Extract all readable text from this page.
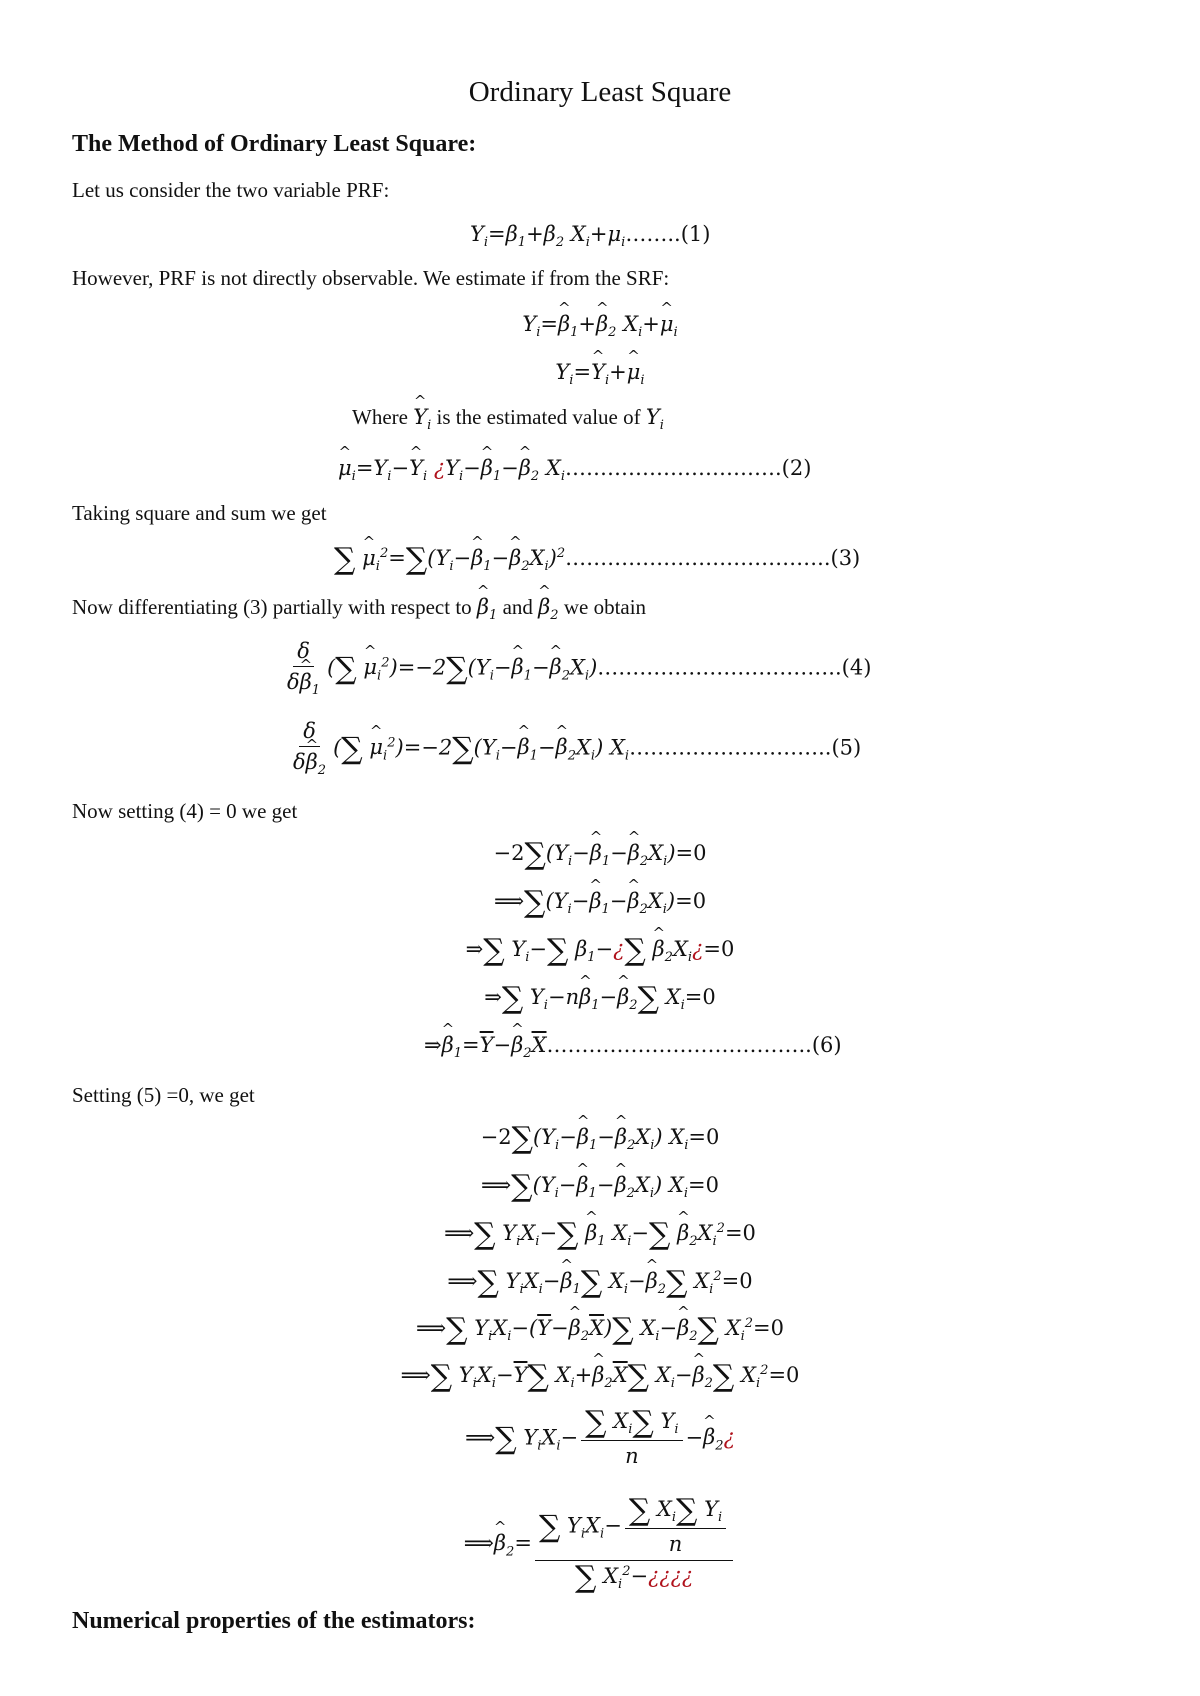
Ordinary Least Square
The Method of Ordinary Least Square:
Let us consider the two variable PRF:
$Y_i=\beta_1+\beta_2$ $X_i+\mu_i\dots\dots..(1)$
However, PRF is not directly observable. We estimate if from the SRF:
$Y_i=\^{}$ $\beta_1+\^{}$ $\beta_2$ $X_i+\^{}$ $\mu_i$
$Y_i=\^{}$ $Y_i+\^{}$ $\mu_i$
Where ^ $Y_i$ is the estimated value of $Y_i$
^ $\mu_i=Y_i-\^{}$ $Y_i$ ¿$Y_i-\^{}$ $\beta_1-\^{}$ $\beta_2$ $X_i\dots\dots\dots\dots\dots\dots\dots\dots\dots\dots.(2)$
Taking square and sum we get
∑ ^ $\mu_i^2=\sum(Y_i-\^{}$ $\beta_1-\^{}$ $\beta_2X_i)^2\dots\dots\dots\dots\dots\dots\dots\dots\dots\dots\dots\dots..(3)$
Now differentiating (3) partially with respect to ^ $\beta_1$ and ^ $\beta_2$ we obtain
$\frac{\delta}{\delta\^{} \beta_1}$ (∑ ^ $\mu_i^2)=-2\sum(Y_i-\^{}$ $\beta_1-\^{}$ $\beta_2X_i)\dots\dots\dots\dots\dots\dots\dots\dots\dots\dots\dots..(4)$
$\frac{\delta}{\delta\^{} \beta_2}$ (∑ ^ $\mu_i^2)=-2\sum(Y_i-\^{}$ $\beta_1-\^{}$ $\beta_2X_i$) $X_i\dots\dots\dots\dots\dots\dots\dots\dots\dots..(5)$
Now setting (4) = 0 we get
$-2\sum(Y_i-\^{}$ $\beta_1-\^{}$ $\beta_2X_i)=0$
$⟹\sum(Y_i-\^{}$ $\beta_1-\^{}$ $\beta_2X_i)=0$
⇒∑ $Y_i-\sum$ $\beta_1-¿\sum$ ^ $\beta_2X_i¿=0$
⇒∑ $Y_i-n\^{}$ $\beta_1-\^{}$ $\beta_2\sum$ $X_i=0$
⇒^ $\beta_1=\overline{Y}-\^{}$ $\beta_2\overline{X}\dots\dots\dots\dots\dots\dots\dots\dots\dots\dots\dots\dots..(6)$
Setting (5) =0, we get
$-2\sum(Y_i-\^{}$ $\beta_1-\^{}$ $\beta_2X_i$) $X_i=0$
$⟹\sum(Y_i-\^{}$ $\beta_1-\^{}$ $\beta_2X_i$) $X_i=0$
⟹∑ $Y_iX_i-\sum$ ^ $\beta_1$ $X_i-\sum$ ^ $\beta_2X_i^2=0$
⟹∑ $Y_iX_i-\^{}$ $\beta_1\sum$ $X_i-\^{}$ $\beta_2\sum$ $X_i^2=0$
⟹∑ $Y_iX_i-(\overline{Y}-\^{}$ $\beta_2\overline{X})\sum$ $X_i-\^{}$ $\beta_2\sum$ $X_i^2=0$
⟹∑ $Y_iX_i-\overline{Y}\sum$ $X_i+\^{}$ $\beta_2\overline{X}\sum$ $X_i-\^{}$ $\beta_2\sum$ $X_i^2=0$
⟹∑ $Y_iX_i- \frac{\sum X_i\sum Y_i}{n}$ −^ $\beta_2¿$
⟹^ $\beta_2= \frac{\sum Y_iX_i- \frac{\sum X_i\sum Y_i}{n}}{\sum X_i^2-¿¿¿¿}$
Numerical properties of the estimators:
